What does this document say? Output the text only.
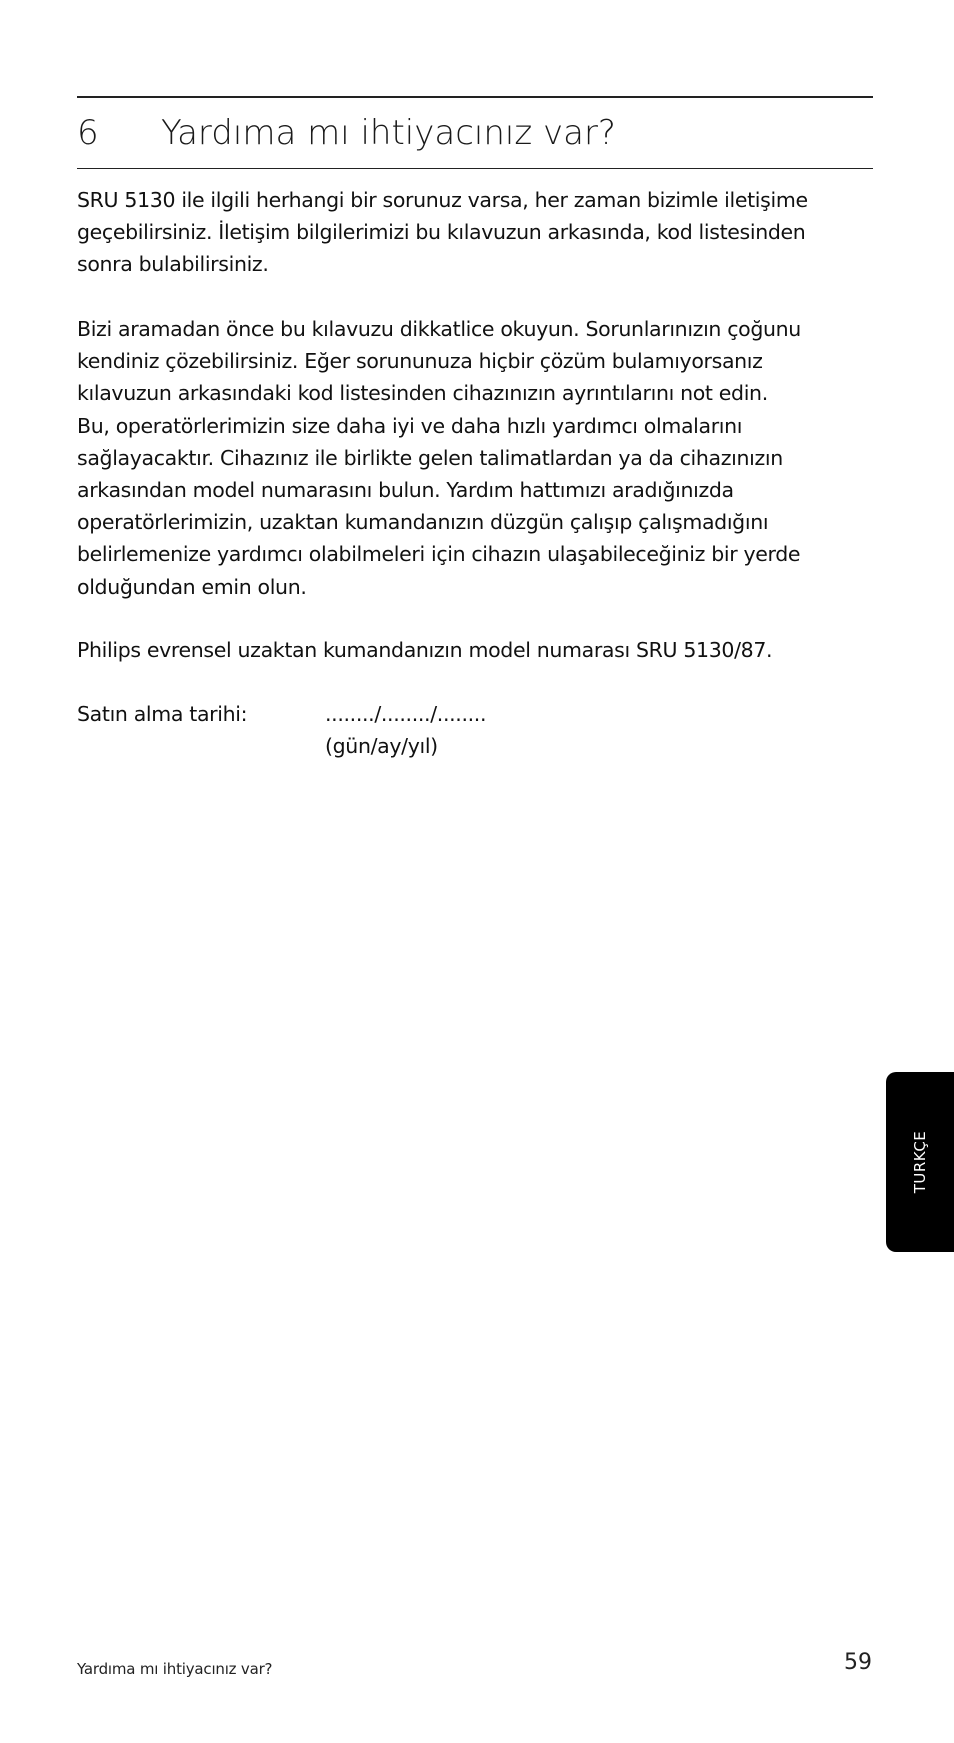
6 Yardıma mı ihtiyacınız var?

SRU 5130 ile ilgili herhangi bir sorunuz varsa, her zaman bizimle iletişime
geçebilirsiniz. İletişim bilgilerimizi bu kılavuzun arkasında, kod listesinden
sonra bulabilirsiniz.

Bizi aramadan önce bu kılavuzu dikkatlice okuyun. Sorunlarınızın çoğunu
kendiniz çözebilirsiniz. Eğer sorununuza hiçbir çözüm bulamıyorsanız
kılavuzun arkasındaki kod listesinden cihazınızın ayrıntılarını not edin.
Bu, operatörlerimizin size daha iyi ve daha hızlı yardımcı olmalarını
sağlayacaktır. Cihazınız ile birlikte gelen talimatlardan ya da cihazınızın
arkasından model numarasını bulun. Yardım hattımızı aradığınızda
operatörlerimizin, uzaktan kumandanızın düzgün çalışıp çalışmadığını
belirlemenize yardımcı olabilmeleri için cihazın ulaşabileceğiniz bir yerde
olduğundan emin olun.

Philips evrensel uzaktan kumandanızın model numarası SRU 5130/87.

Satın alma tarihi:	......../......../........
(gün/ay/yıl)
TURKÇE
Yardıma mı ihtiyacınız var?	59
